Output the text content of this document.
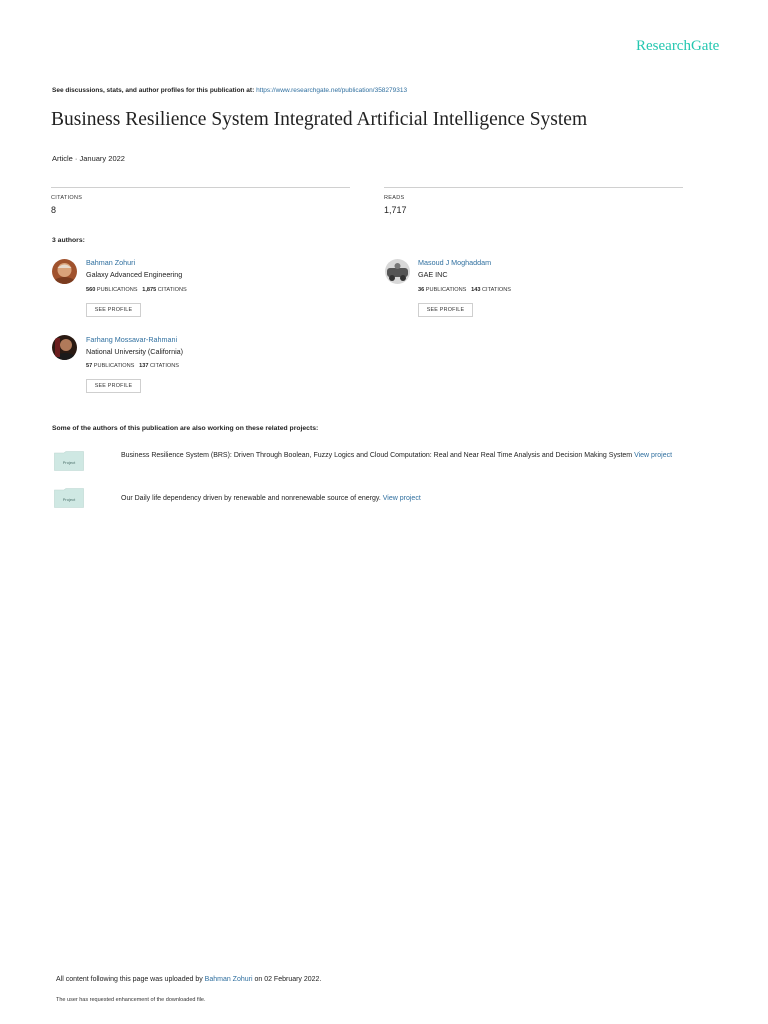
ResearchGate
See discussions, stats, and author profiles for this publication at: https://www.researchgate.net/publication/358279313
Business Resilience System Integrated Artificial Intelligence System
Article · January 2022
CITATIONS
8
READS
1,717
3 authors:
Bahman Zohuri
Galaxy Advanced Engineering
560 PUBLICATIONS 1,875 CITATIONS
SEE PROFILE
Masoud J Moghaddam
GAE INC
36 PUBLICATIONS 143 CITATIONS
SEE PROFILE
Farhang Mossavar-Rahmani
National University (California)
57 PUBLICATIONS 137 CITATIONS
SEE PROFILE
Some of the authors of this publication are also working on these related projects:
Project
Business Resilience System (BRS): Driven Through Boolean, Fuzzy Logics and Cloud Computation: Real and Near Real Time Analysis and Decision Making System View project
Project	Our Daily life dependency driven by renewable and nonrenewable source of energy. View project
All content following this page was uploaded by Bahman Zohuri on 02 February 2022.
The user has requested enhancement of the downloaded file.
